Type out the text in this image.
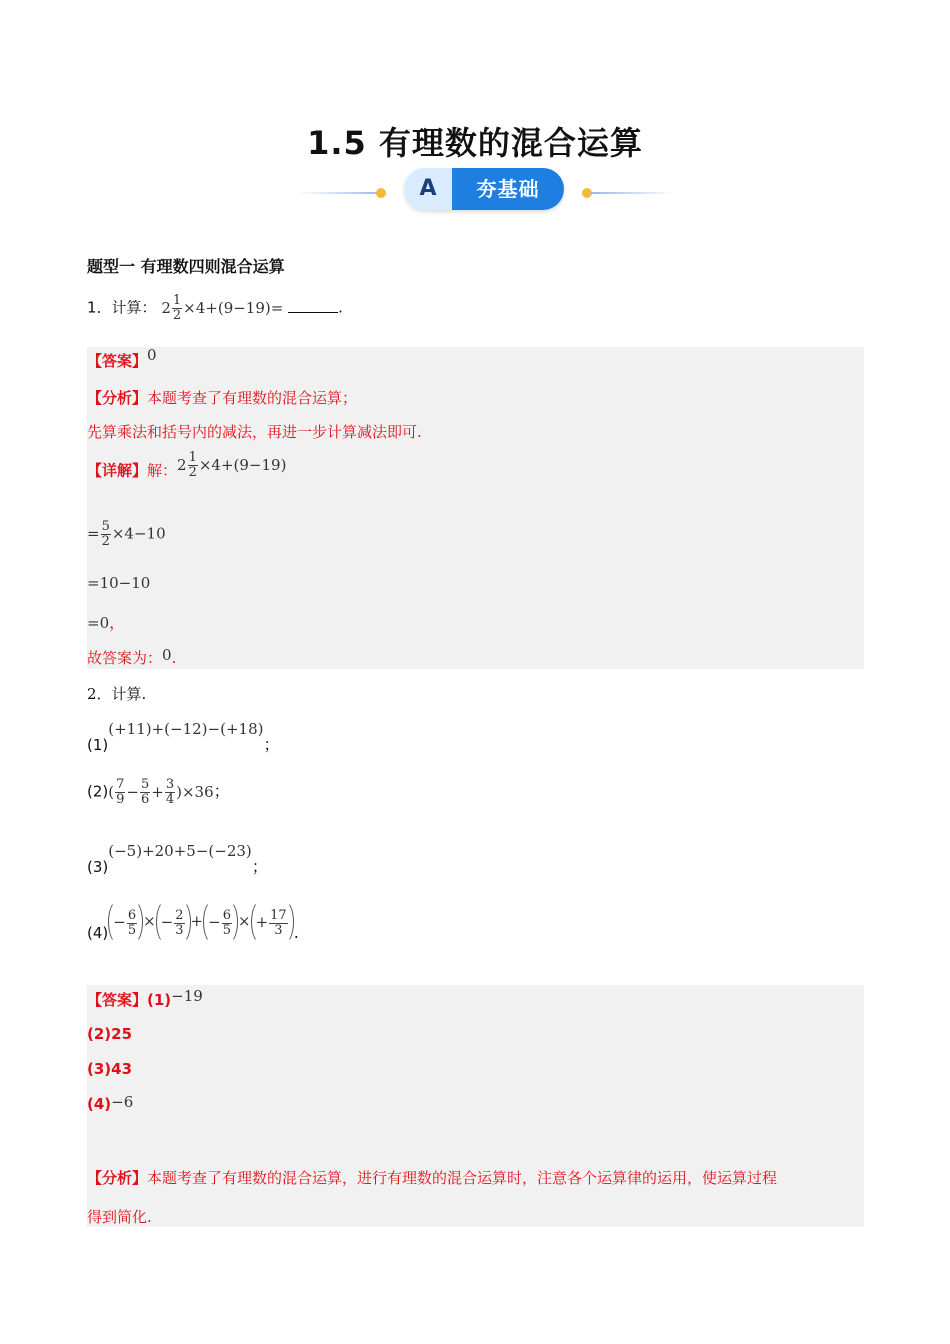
1.5 有理数的混合运算
A	夯基础
题型一 有理数四则混合运算
1．计算： $2 \frac{1}{2} \times 4+(9-19)=$	.
【答案】0
【分析】本题考查了有理数的混合运算；
先算乘法和括号内的减法，再进一步计算减法即可.
【详解】解：$2 \frac{1}{2} \times 4+(9-19)$
= $\frac{5}{2} \times 4-10$
=10−10
=0，
故答案为：0.
2．计算.
(1)(+11)+(−12)−(+18)；
$(2)( \frac{7}{9} - \frac{5}{6} + \frac{3}{4} )\times 36$；
(3)(−5)+20+5−(−23)；
$(4)- \frac{6}{5}$ × − $\frac{2}{3}$ + − $\frac{6}{5}$ × + $\frac{17}{3}$ .
【答案】(1)−19
(2)25
(3)43
(4)−6
【分析】本题考查了有理数的混合运算，进行有理数的混合运算时，注意各个运算律的运用，使运算过程
得到简化.
